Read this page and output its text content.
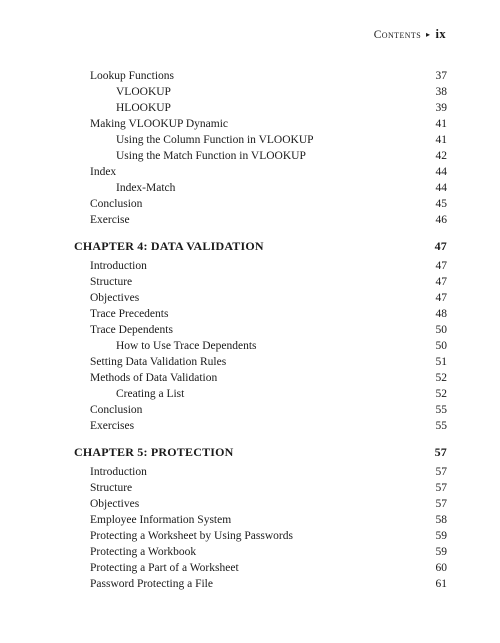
Contents ▸ ix
Lookup Functions	37
VLOOKUP	38
HLOOKUP	39
Making VLOOKUP Dynamic	41
Using the Column Function in VLOOKUP	41
Using the Match Function in VLOOKUP	42
Index	44
Index-Match	44
Conclusion	45
Exercise	46
CHAPTER 4: DATA VALIDATION	47
Introduction	47
Structure	47
Objectives	47
Trace Precedents	48
Trace Dependents	50
How to Use Trace Dependents	50
Setting Data Validation Rules	51
Methods of Data Validation	52
Creating a List	52
Conclusion	55
Exercises	55
CHAPTER 5: PROTECTION	57
Introduction	57
Structure	57
Objectives	57
Employee Information System	58
Protecting a Worksheet by Using Passwords	59
Protecting a Workbook	59
Protecting a Part of a Worksheet	60
Password Protecting a File	61
